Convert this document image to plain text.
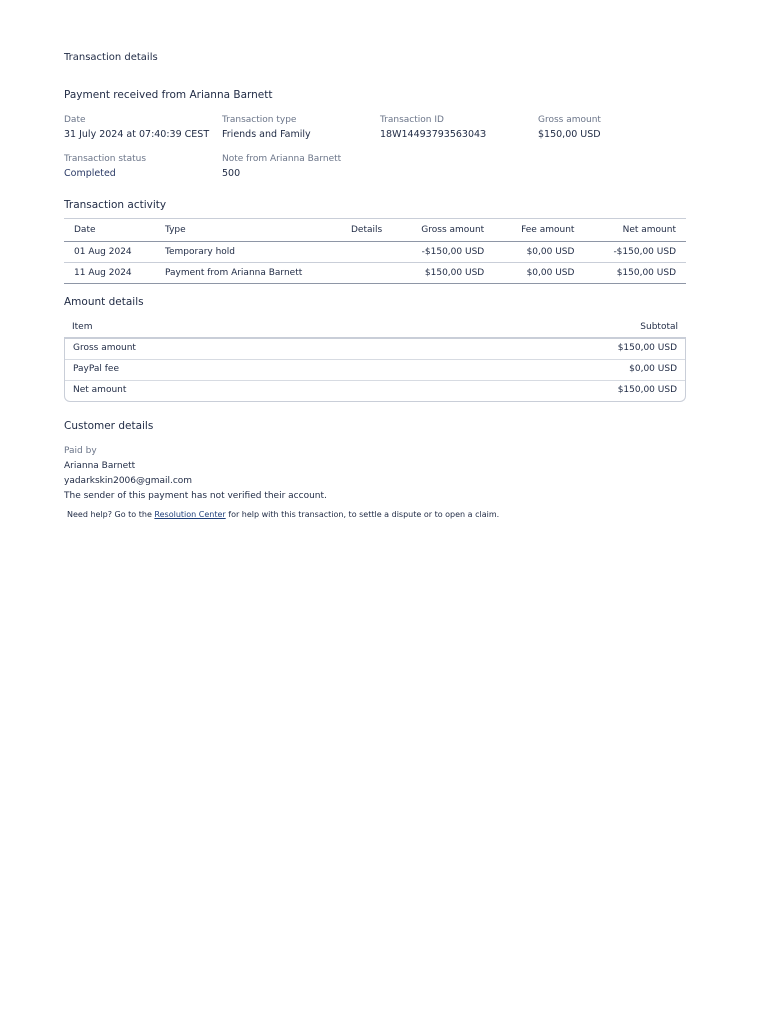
Transaction details
Payment received from Arianna Barnett
Date
31 July 2024 at 07:40:39 CEST
Transaction type
Friends and Family
Transaction ID
18W1449379356304З
Gross amount
$150,00 USD
Transaction status
Completed
Note from Arianna Barnett
500
Transaction activity
Date	Type	Details	Gross amount	Fee amount	Net amount
01 Aug 2024	Temporary hold		-$150,00 USD	$0,00 USD	-$150,00 USD
11 Aug 2024	Payment from Arianna Barnett		$150,00 USD	$0,00 USD	$150,00 USD
Amount details
Item	Subtotal
Gross amount	$150,00 USD
PayPal fee	$0,00 USD
Net amount	$150,00 USD
Customer details
Paid by
Arianna Barnett
yadarkskin2006@gmail.com
The sender of this payment has not verified their account.
Need help? Go to the Resolution Center for help with this transaction, to settle a dispute or to open a claim.
